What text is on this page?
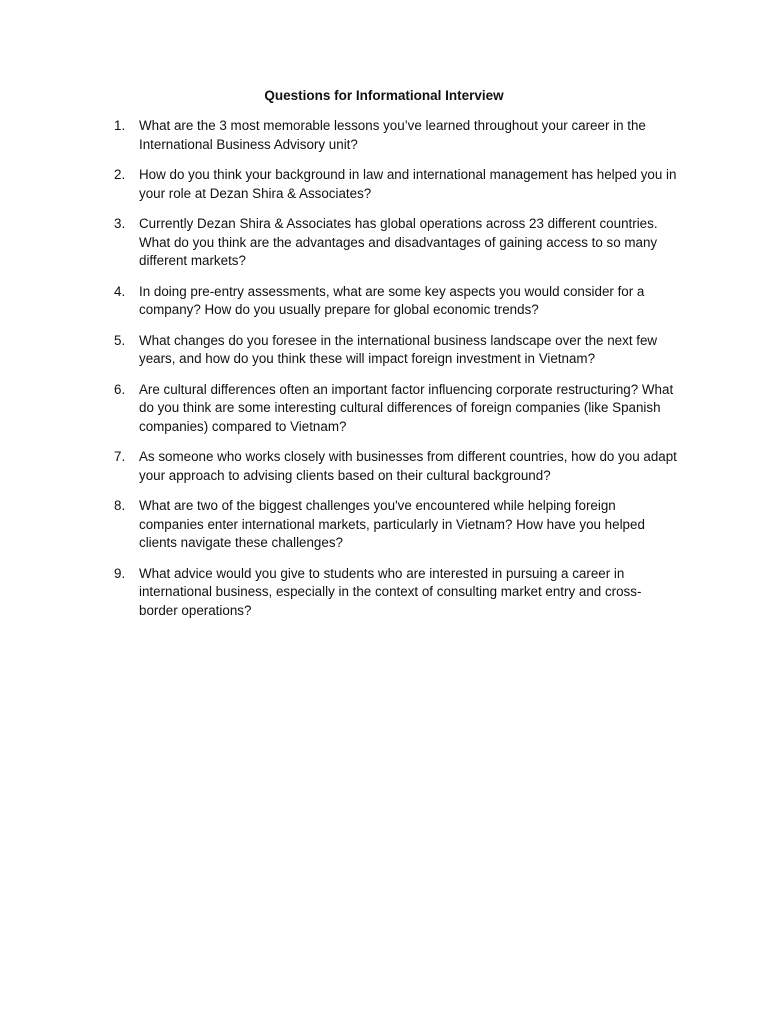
Questions for Informational Interview
1.	What are the 3 most memorable lessons you’ve learned throughout your career in the International Business Advisory unit?
2.	How do you think your background in law and international management has helped you in your role at Dezan Shira & Associates?
3.	Currently Dezan Shira & Associates has global operations across 23 different countries. What do you think are the advantages and disadvantages of gaining access to so many different markets?
4.	In doing pre-entry assessments, what are some key aspects you would consider for a company? How do you usually prepare for global economic trends?
5.	What changes do you foresee in the international business landscape over the next few years, and how do you think these will impact foreign investment in Vietnam?
6.	Are cultural differences often an important factor influencing corporate restructuring? What do you think are some interesting cultural differences of foreign companies (like Spanish companies) compared to Vietnam?
7.	As someone who works closely with businesses from different countries, how do you adapt your approach to advising clients based on their cultural background?
8.	What are two of the biggest challenges you've encountered while helping foreign companies enter international markets, particularly in Vietnam? How have you helped clients navigate these challenges?
9.	What advice would you give to students who are interested in pursuing a career in international business, especially in the context of consulting market entry and cross-border operations?
